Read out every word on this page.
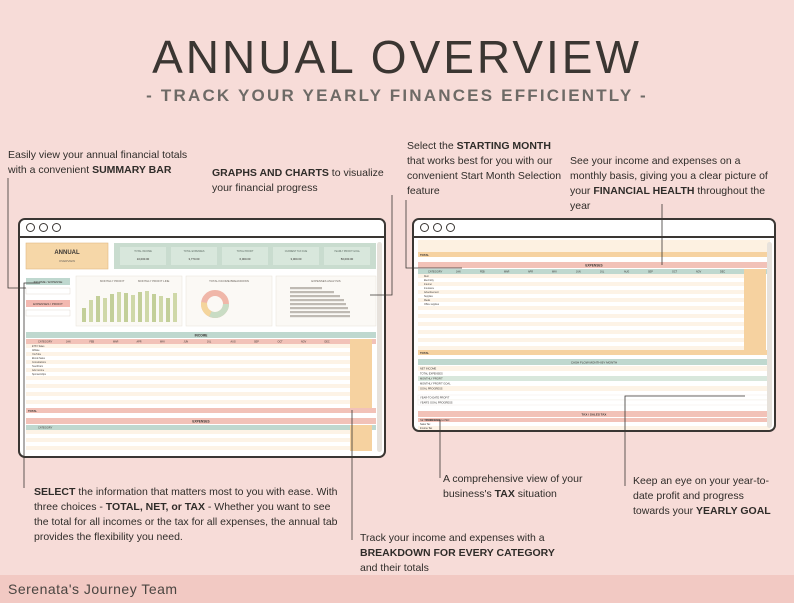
ANNUAL OVERVIEW
- TRACK YOUR YEARLY FINANCES EFFICIENTLY -
Easily view your annual financial totals with a convenient SUMMARY BAR	GRAPHS AND CHARTS to visualize your financial progress
Select the STARTING MONTH that works best for you with our convenient Start Month Selection feature
See your income and expenses on a monthly basis, giving you a clear picture of your FINANCIAL HEALTH throughout the year
SELECT the information that matters most to you with ease. With three choices - TOTAL, NET, or TAX - Whether you want to see the total for all incomes or the tax for all expenses, the annual tab provides the flexibility you need.	Track your income and expenses with a BREAKDOWN FOR EVERY CATEGORY and their totals
A comprehensive view of your business's TAX situation
Keep an eye on your year-to-date profit and progress towards your YEARLY GOAL
ANNUAL
OVERVIEW
TOTAL INCOME
10,000.00
TOTAL EXPENSES
3,770.00
TOTAL PROFIT
6,000.00
CURRENT TAX DUE
3,000.00
YEARLY PROFIT GOAL
50,000.00
INCOME / EXPENSE
EXPENSES / PROFIT
MONTHLY PROFIT	MONTHLY PROFIT LINE	TOTAL INCOME BREAKDOWN	EXPENSES ANALYSIS
INCOME
CATEGORY	JAN	FEB	MAR	APR	MAY	JUN	JUL	AUG	SEP	OCT	NOV	DEC
ETSY Sales
Affiliate
YouTube
Ebook Sales
Consultations
TeachCam
Ads Income
Sponsorships
TOTAL
EXPENSES
CATEGORY
TOTAL
EXPENSES
CATEGORY	JAN	FEB	MAR	APR	MAY	JUN	JUL	AUG	SEP	OCT	NOV	DEC
Rent
Electricity
Internet
Insurance
Advertisement
Supplies
Meals
Office supplies
TOTAL
CASH FLOW MONTH BY MONTH
NET INCOME
TOTAL EXPENSES
MONTHLY PROFIT
MONTHLY PROFIT GOAL
GOAL PROGRESS
YEAR-TO-DATE PROFIT
YEAR'S GOAL PROGRESS
TAX / SALES TAX
NET TAXES CALCULATED
Sales Tax
Income Tax
Serenata's Journey Team
